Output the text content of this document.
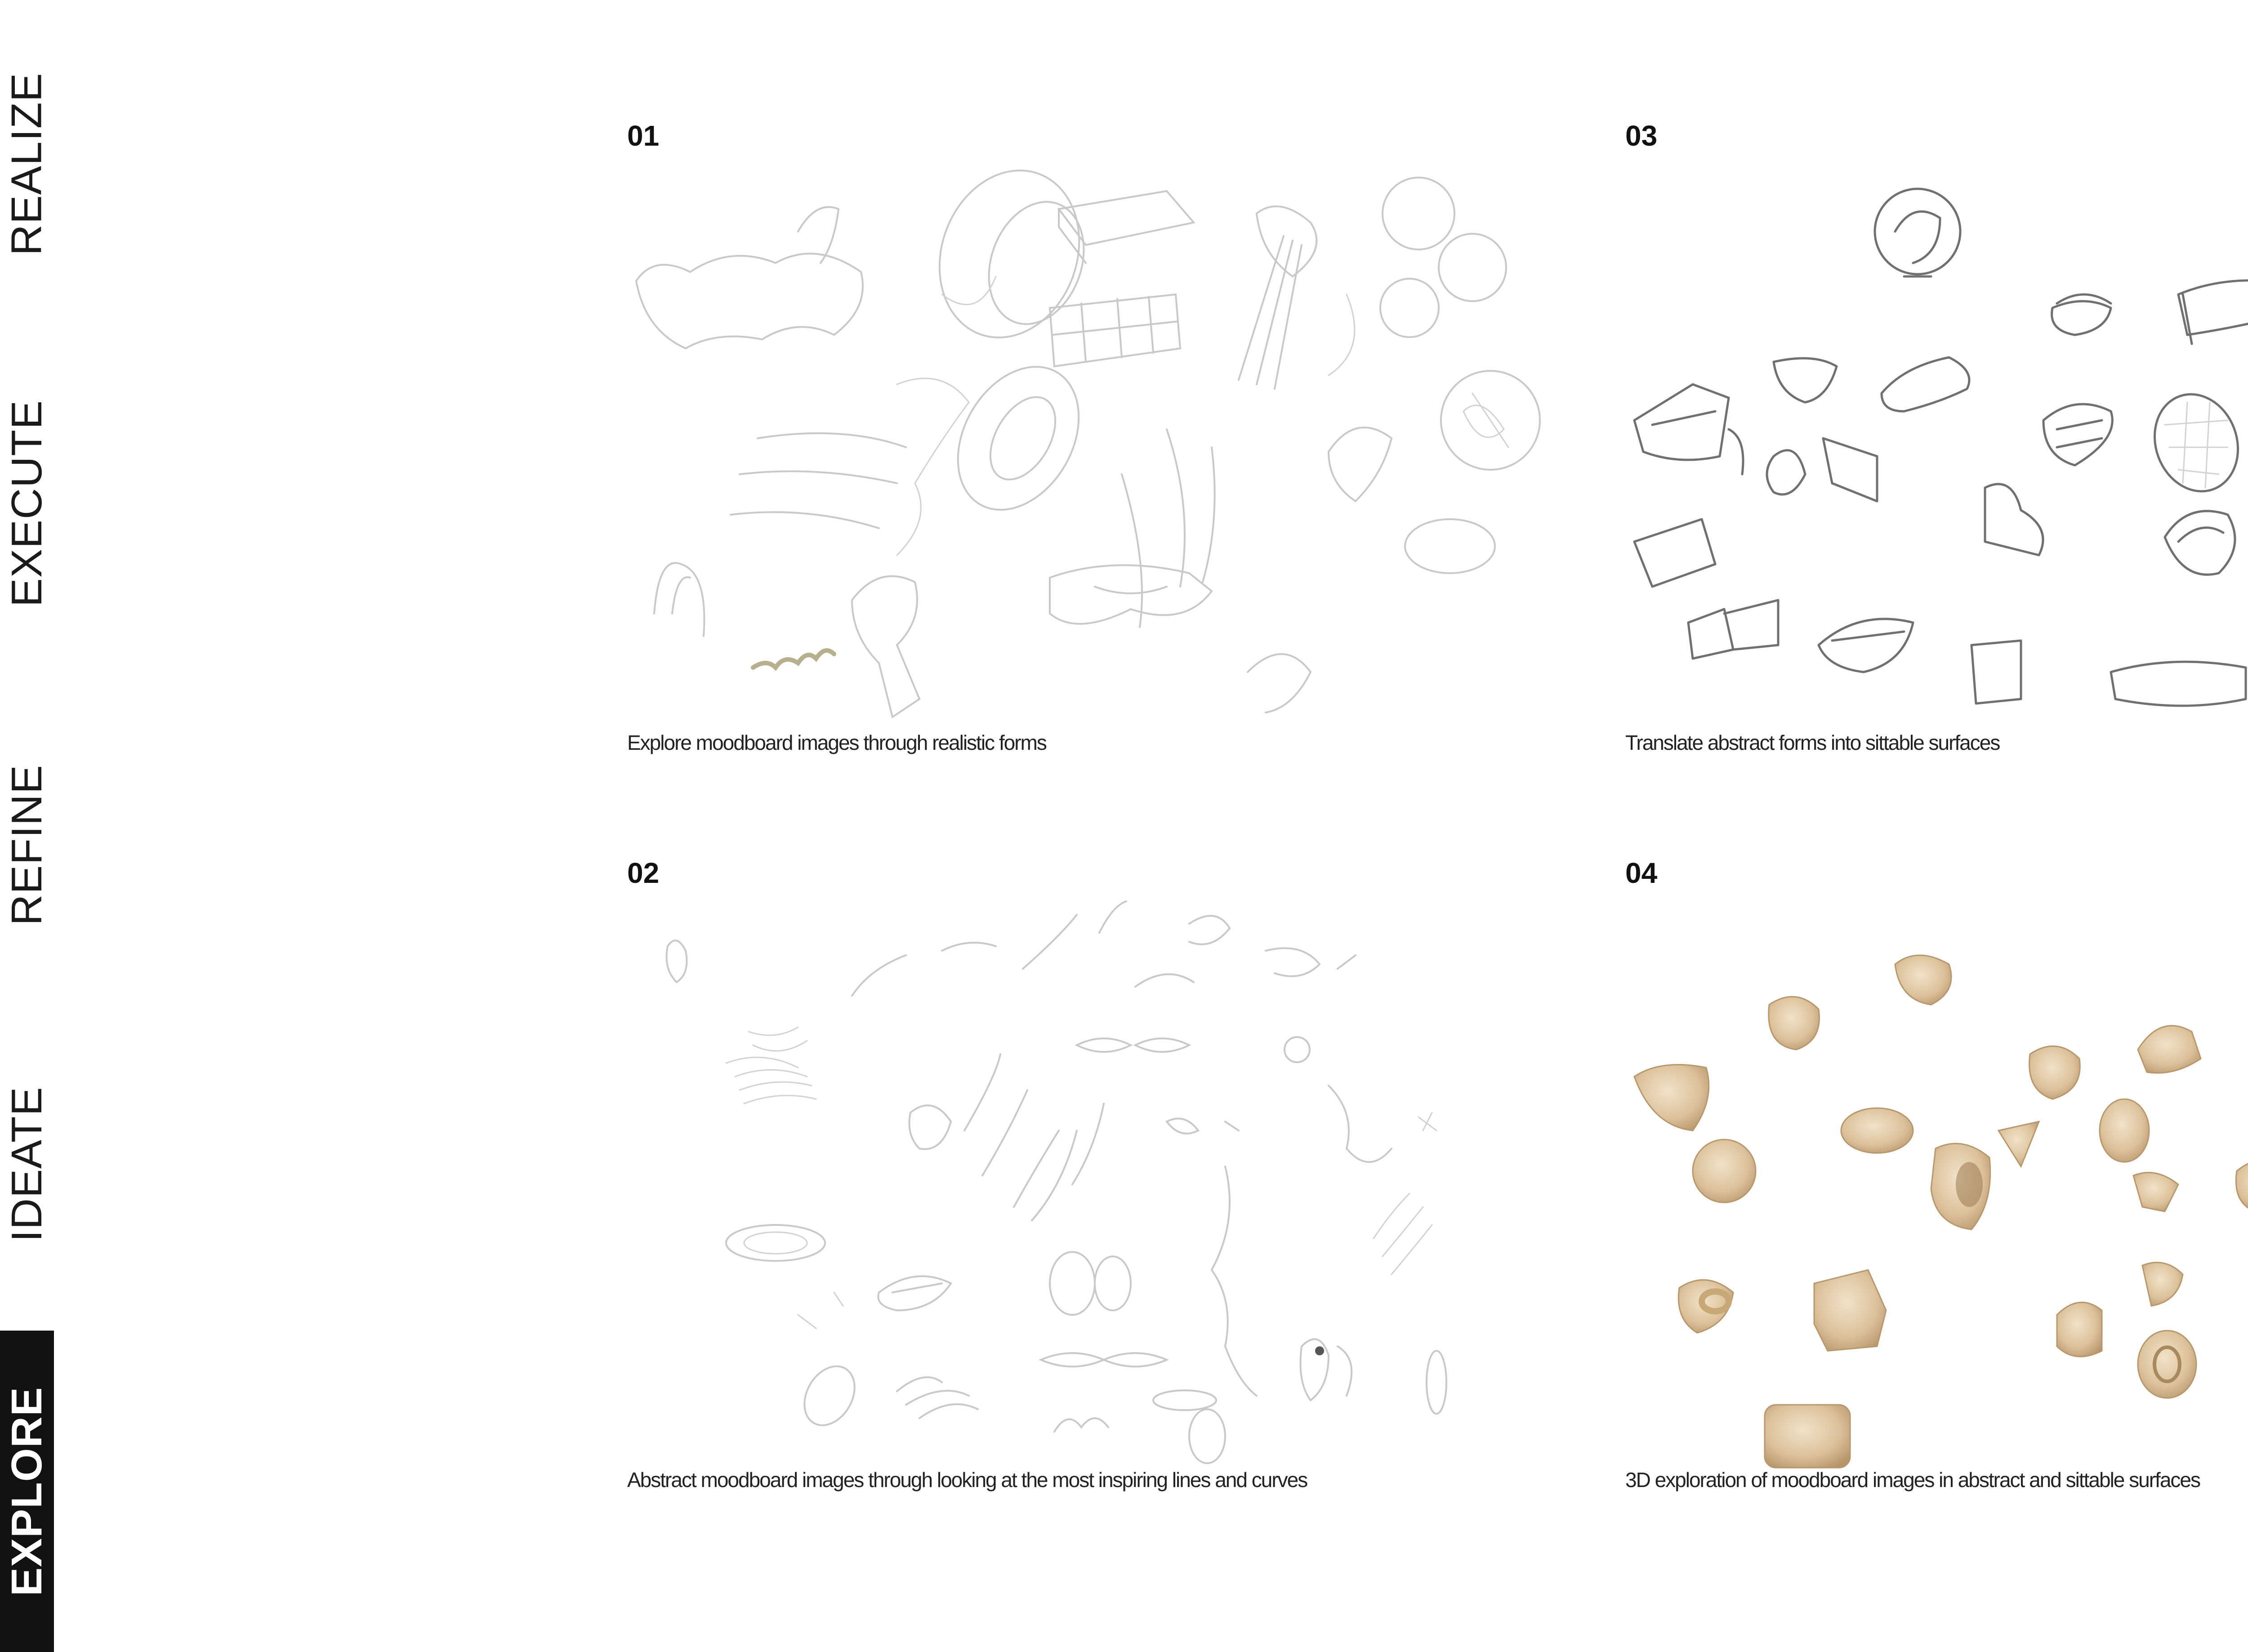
REALIZE
EXECUTE
REFINE
IDEATE
EXPLORE
01
Explore moodboard images through realistic forms
03
Translate abstract forms into sittable surfaces
02
Abstract moodboard images through looking at the most inspiring lines and curves
04
3D exploration of moodboard images in abstract and sittable surfaces
